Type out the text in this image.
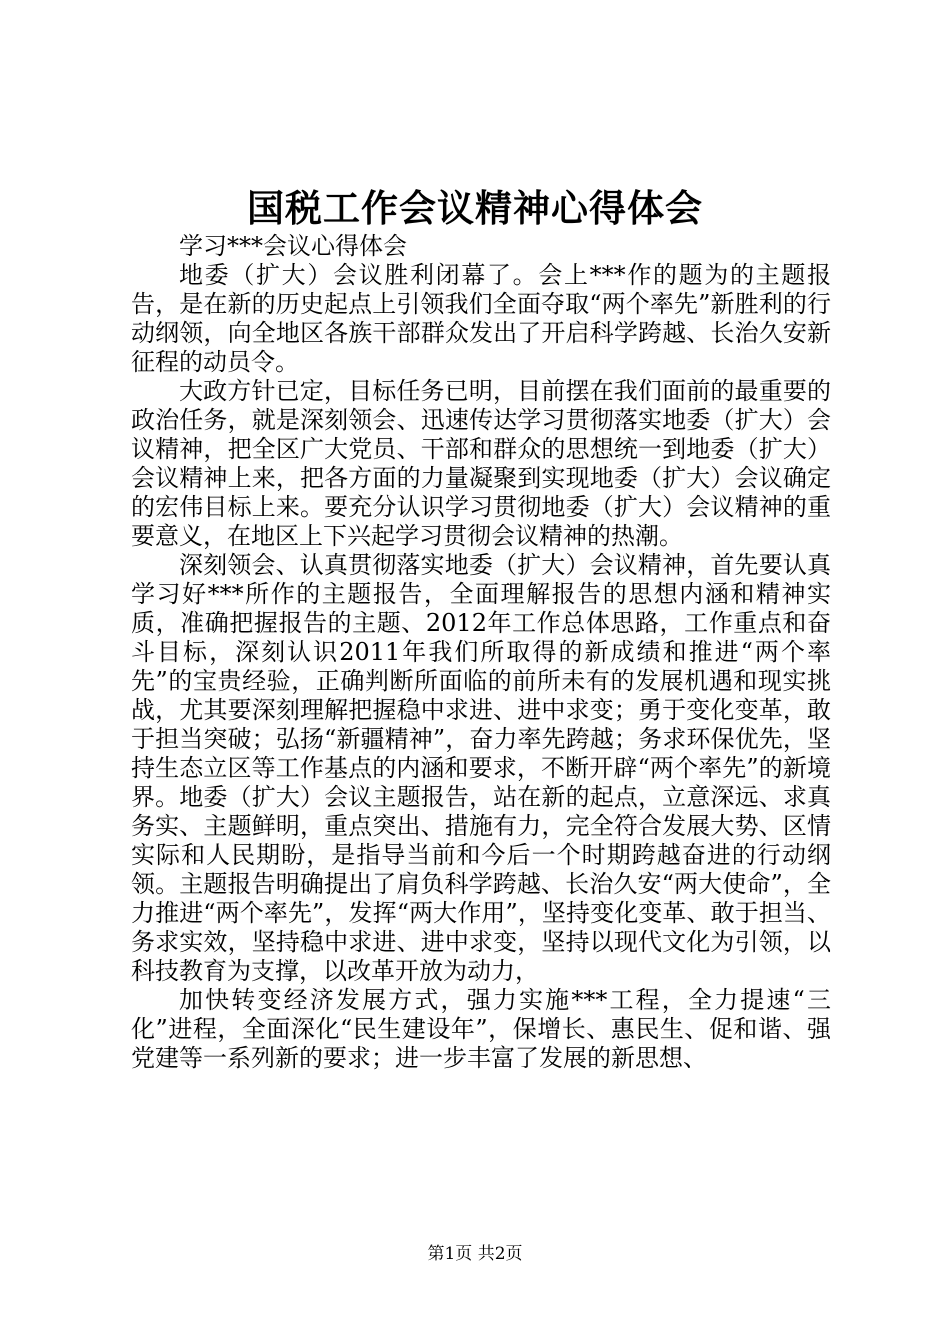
国税工作会议精神心得体会

学习***会议心得体会

地委（扩大）会议胜利闭幕了。会上***作的题为的主题报告，是在新的历史起点上引领我们全面夺取“两个率先”新胜利的行动纲领，向全地区各族干部群众发出了开启科学跨越、长治久安新征程的动员令。

大政方针已定，目标任务已明，目前摆在我们面前的最重要的政治任务，就是深刻领会、迅速传达学习贯彻落实地委（扩大）会议精神，把全区广大党员、干部和群众的思想统一到地委（扩大）会议精神上来，把各方面的力量凝聚到实现地委（扩大）会议确定的宏伟目标上来。要充分认识学习贯彻地委（扩大）会议精神的重要意义，在地区上下兴起学习贯彻会议精神的热潮。

深刻领会、认真贯彻落实地委（扩大）会议精神，首先要认真学习好***所作的主题报告，全面理解报告的思想内涵和精神实质，准确把握报告的主题、2012年工作总体思路，工作重点和奋斗目标，深刻认识2011年我们所取得的新成绩和推进“两个率先”的宝贵经验，正确判断所面临的前所未有的发展机遇和现实挑战，尤其要深刻理解把握稳中求进、进中求变；勇于变化变革，敢于担当突破；弘扬“新疆精神”，奋力率先跨越；务求环保优先，坚持生态立区等工作基点的内涵和要求，不断开辟“两个率先”的新境界。地委（扩大）会议主题报告，站在新的起点，立意深远、求真务实、主题鲜明，重点突出、措施有力，完全符合发展大势、区情实际和人民期盼，是指导当前和今后一个时期跨越奋进的行动纲领。主题报告明确提出了肩负科学跨越、长治久安“两大使命”，全力推进“两个率先”，发挥“两大作用”，坚持变化变革、敢于担当、务求实效，坚持稳中求进、进中求变，坚持以现代文化为引领，以科技教育为支撑，以改革开放为动力，

加快转变经济发展方式，强力实施***工程，全力提速“三化”进程，全面深化“民生建设年”，保增长、惠民生、促和谐、强党建等一系列新的要求；进一步丰富了发展的新思想、

第1页 共2页
